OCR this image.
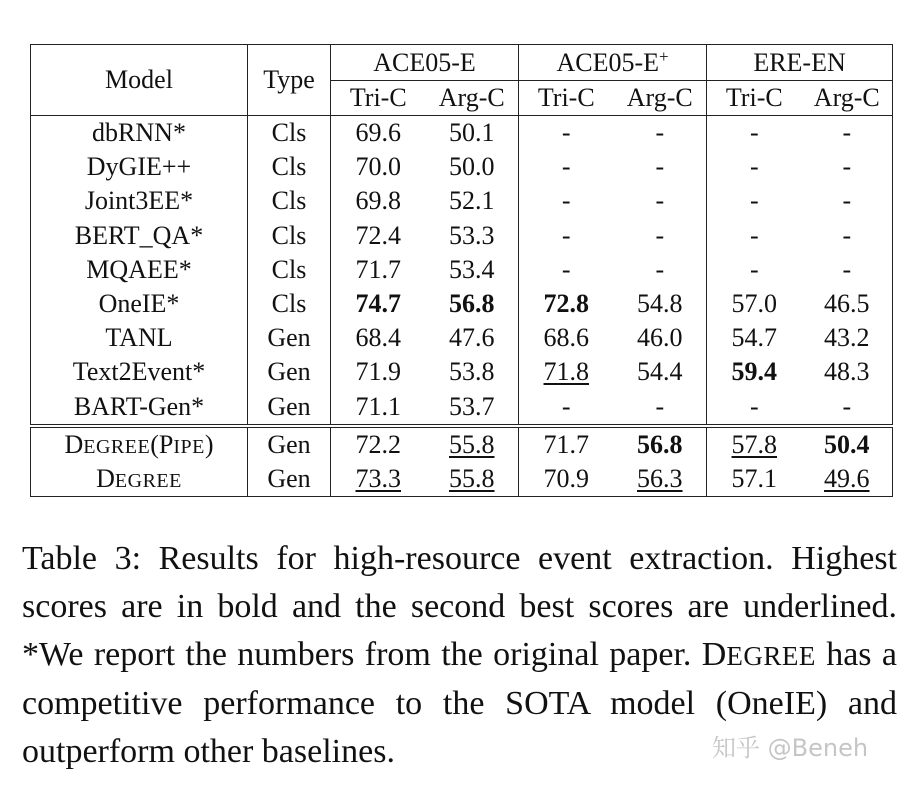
Model	Type	ACE05-E		ACE05-E+		ERE-EN	
		Tri-C	Arg-C	Tri-C	Arg-C	Tri-C	Arg-C
dbRNN*	Cls	69.6	50.1	-	-	-	-
DyGIE++	Cls	70.0	50.0	-	-	-	-
Joint3EE*	Cls	69.8	52.1	-	-	-	-
BERT_QA*	Cls	72.4	53.3	-	-	-	-
MQAEE*	Cls	71.7	53.4	-	-	-	-
OneIE*	Cls	74.7	56.8	72.8	54.8	57.0	46.5
TANL	Gen	68.4	47.6	68.6	46.0	54.7	43.2
Text2Event*	Gen	71.9	53.8	71.8	54.4	59.4	48.3
BART-Gen*	Gen	71.1	53.7	-	-	-	-
DEGREE(PIPE)	Gen	72.2	55.8	71.7	56.8	57.8	50.4
DEGREE	Gen	73.3	55.8	70.9	56.3	57.1	49.6
Table 3: Results for high-resource event extraction. Highest scores are in bold and the second best scores are underlined. *We report the numbers from the original paper. DEGREE has a competitive performance to the SOTA model (OneIE) and outperform other baselines.	知乎 @Beneh
